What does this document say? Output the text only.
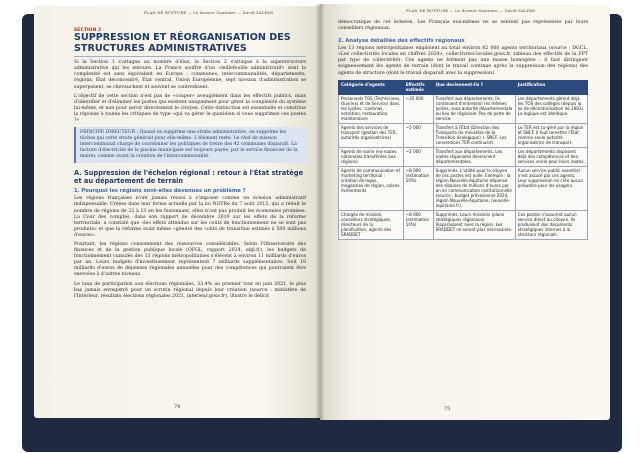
PLAN DE RUPTURE — Le dossier Sanitaire — David SALFAN
SECTION 2
SUPPRESSION ET RÉORGANISATION DES STRUCTURES ADMINISTRATIVES

Si la Section 1 s'attaque au nombre d'élus, la Section 2 s'attaque à la superstructure administrative qui les entoure. La France souffre d'un «millefeuille administratif» dont la complexité est sans équivalent en Europe : communes, intercommunalités, départements, régions, État déconcentré, État central, Union Européenne, sept niveaux d'administration se superposent, se chevauchent et souvent se contredisent.

L'objectif de cette section n'est pas de «couper» aveuglément dans les effectifs publics, mais d'identifier et d'éliminer les postes qui existent uniquement pour gérer la complexité du système lui-même, et non pour servir directement le citoyen. Cette distinction est essentielle et constitue la réponse à toutes les critiques de type «qui va gérer le quotidien si vous supprimez ces postes ?»

PRINCIPE DIRECTEUR : Quand on supprime une strate administrative, on supprime les tâches qui cette strate générait pour elle-même. L'élément reste. Le chef de mission intercommunal chargé de coordonner les politiques de treize des 42 communes disparaît. La facture d'électricité de la piscine municipale est toujours payée, par le service financier de la mairie, comme avant la création de l'intercommunalité.
A. Suppression de l'échelon régional : retour à l'État stratège et au département de terrain
1. Pourquoi les régions sont-elles devenues un problème ?

Les régions françaises n'ont jamais réussi à s'imposer comme un échelon administratif indispensable. Créées dans leur forme actuelle par la loi NOTRe du 7 août 2015, qui a réduit le nombre de régions de 22 à 13 en les fusionnant, elles n'ont pas produit les économies promises. La Cour des comptes, dans son rapport de décembre 2019 sur les effets de la réforme territoriale, a constaté que «les effets attendus sur les coûts de fonctionnement ne se sont pas produits» et que la réforme avait même «généré des coûts de transition estimés à 500 millions d'euros».

Pourtant, les régions consomment des ressources considérables. Selon l'Observatoire des finances et de la gestion publique locale (OFGL, rapport 2024, ofgl.fr), les budgets de fonctionnement cumulés des 13 régions métropolitaines s'élèvent à environ 11 milliards d'euros par an. Leurs budgets d'investissement représentent 7 milliards supplémentaires. Soit 18 milliards d'euros de dépenses régionales annuelles pour des compétences qui pourraient être exercées à d'autres niveaux.

Le taux de participation aux élections régionales, 33,4% au premier tour en juin 2021, le plus bas jamais enregistré pour un scrutin régional depuis leur création (source : ministère de l'Intérieur, résultats élections régionales 2021, interieur.gouv.fr), illustre le déficit

74
PLAN DE RUPTURE — Le dossier Sanitaire — David SALFAN

démocratique de cet échelon. Les Français eux-mêmes ne se sentent pas représentés par leurs conseillers régionaux.

2. Analyse détaillée des effectifs régionaux

Les 13 régions métropolitaines emploient au total environ 82 000 agents territoriaux (source : DGCL, «Les collectivités locales en chiffres 2024», collectivites-locales.gouv.fr, tableau des effectifs de la FPT par type de collectivité). Ces agents ne forment pas une masse homogène : il faut distinguer soigneusement les agents de terrain (dont le travail continue après la suppression des régions) des agents de structure (dont le travail disparaît avec la suppression).

Catégorie d'agents	Effectifs estimés	Que deviennent-ils ?	Justification
Personnels TOS (Techniciens, Ouvriers et de Service) dans les lycées : cantines, entretien, restauration, maintenance	~35 000	Transfert aux départements. Ils continuent d'entretenir les mêmes lycées, sous autorité départementale au lieu de régionale. Pas de perte de service.	Les départements gèrent déjà les TOS des collèges (depuis la loi de décentralisation de 1983). La logique est identique.
Agents des services de transport (gestion des TER, autorités organisatrices)	~5 000	Transfert à l'État (Direction des Transports du ministère de la Transition écologique) + SNCF. Les conventions TER continuent.	Le TER est co-géré par la région et SNCF. Il faut remettre l'État comme seule autorité organisatrice de transport.
Agents de voirie (ex-routes nationales transférées aux régions)	~2 000	Transfert aux départements. Les routes régionales deviennent départementales.	Les départements disposent déjà des compétences et des services voirie pour leurs routes.
Agents de communication et marketing territorial : création de logos, magazines de région, salons, événements	~8 000 (estimation 10%)	Supprimés. L'utilité pour le citoyen de ces postes est nulle. Exemple : la région Nouvelle-Aquitaine dépense des dizaines de millions d'euros par an en communication institutionnelle (source : budget prévisionnel 2024, région Nouvelle-Aquitaine, nouvelle-aquitaine.fr).	Aucun service public essentiel n'est assuré par ces agents. Leur suppression ne crée aucun préjudice pour les usagers.
Chargés de mission, conseillers stratégiques, directeurs de la planification, agents des SRADDET	~8 000 (estimation 10%)	Supprimés. Leurs missions (plans stratégiques régionaux) disparaissent avec la région. Les SRADDET ne seront plus nécessaires.	Ces postes n'assurent aucun service direct au citoyen. Ils produisent des documents stratégiques internes à la structure régionale.
75
